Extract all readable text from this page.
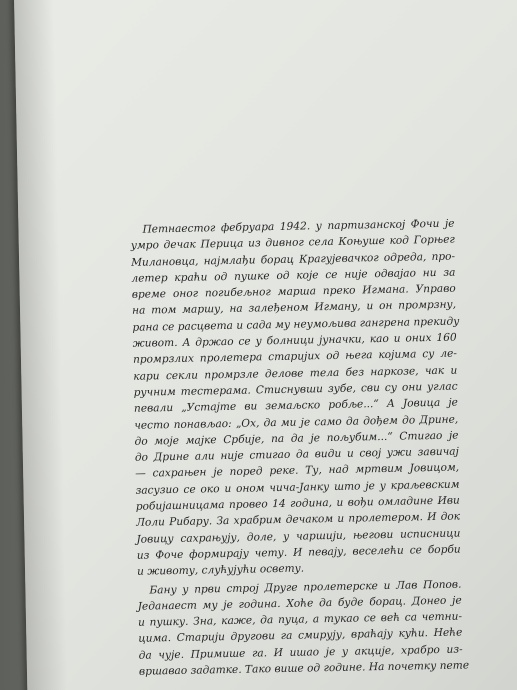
Петнаестог фебруара 1942. у партизанској Фочи је
умро дечак Перица из дивног села Коњуше код Горњег
Милановца, најмлађи борац Крагујевачког одреда, про-
летер краћи од пушке од које се није одвајао ни за
време оног погибељног марша преко Игмана. Управо
на том маршу, на залеђеном Игману, и он промрзну,
рана се расцвета и сада му неумољива гангрена прекиду
живот. А држао се у болници јуначки, као и оних 160
промрзлих пролетера старијих од њега којима су ле-
кари секли промрзле делове тела без наркозе, чак и
ручним тестерама. Стиснувши зубе, сви су они углас
певали „Устајте ви земаљско робље...“ А Јовица је
често понављао: „Ох, да ми је само да дођем до Дрине,
до моје мајке Србије, па да је пољубим...“ Стигао је
до Дрине али није стигао да види и свој ужи завичај
— сахрањен је поред реке. Ту, над мртвим Јовицом,
засузио се око и оном чича-Јанку што је у краљевским
робијашницама провео 14 година, и вођи омладине Иви
Лоли Рибару. За храбрим дечаком и пролетером. И док
Јовицу сахрањују, доле, у чаршији, његови исписници
из Фоче формирају чету. И певају, веселећи се борби
и животу, слућујући освету.
Бану у први строј Друге пролетерске и Лав Попов.
Једанаест му је година. Хоће да буде борац. Донео је
и пушку. Зна, каже, да пуца, а тукао се већ са четни-
цима. Старији другови га смирују, враћају кући. Неће
да чује. Примише га. И ишао је у акције, храбро из-
вршавао задатке. Тако више од године. На почетку пете
